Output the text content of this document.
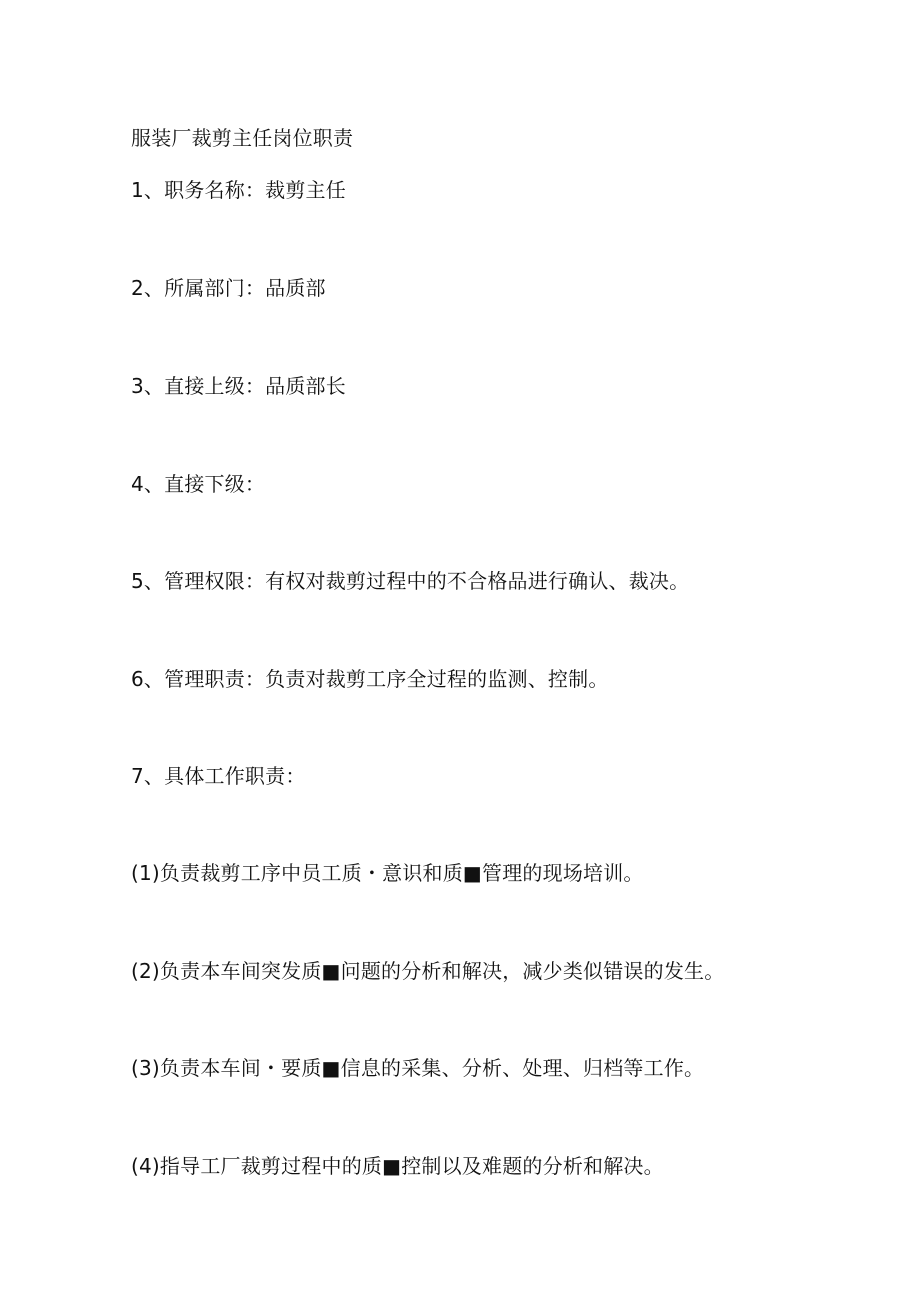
服装厂裁剪主任岗位职责
1、职务名称：裁剪主任
2、所属部门：品质部
3、直接上级：品质部长
4、直接下级：
5、管理权限：有权对裁剪过程中的不合格品进行确认、裁决。
6、管理职责：负责对裁剪工序全过程的监测、控制。
7、具体工作职责：
(1)负责裁剪工序中员工质・意识和质■管理的现场培训。
(2)负责本车间突发质■问题的分析和解决，减少类似错误的发生。
(3)负责本车间・要质■信息的采集、分析、处理、归档等工作。
(4)指导工厂裁剪过程中的质■控制以及难题的分析和解决。
